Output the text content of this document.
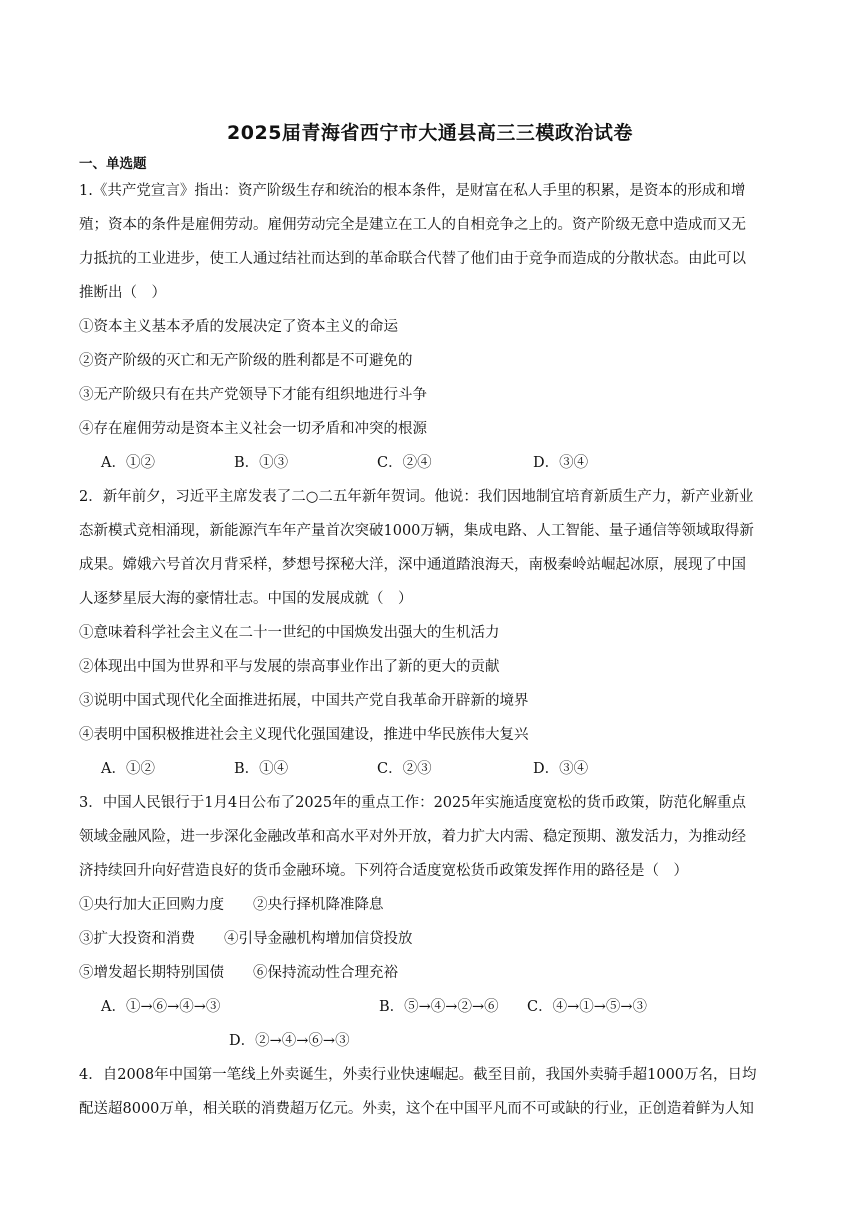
2025届青海省西宁市大通县高三三模政治试卷
一、单选题
1.《共产党宣言》指出：资产阶级生存和统治的根本条件，是财富在私人手里的积累，是资本的形成和增
殖；资本的条件是雇佣劳动。雇佣劳动完全是建立在工人的自相竞争之上的。资产阶级无意中造成而又无
力抵抗的工业进步，使工人通过结社而达到的革命联合代替了他们由于竞争而造成的分散状态。由此可以
推断出（　）
①资本主义基本矛盾的发展决定了资本主义的命运
②资产阶级的灭亡和无产阶级的胜利都是不可避免的
③无产阶级只有在共产党领导下才能有组织地进行斗争
④存在雇佣劳动是资本主义社会一切矛盾和冲突的根源
A．①②	B．①③	C．②④	D．③④
2．新年前夕，习近平主席发表了二○二五年新年贺词。他说：我们因地制宜培育新质生产力，新产业新业
态新模式竞相涌现，新能源汽车年产量首次突破1000万辆，集成电路、人工智能、量子通信等领域取得新
成果。嫦娥六号首次月背采样，梦想号探秘大洋，深中通道踏浪海天，南极秦岭站崛起冰原，展现了中国
人逐梦星辰大海的豪情壮志。中国的发展成就（　）
①意味着科学社会主义在二十一世纪的中国焕发出强大的生机活力
②体现出中国为世界和平与发展的崇高事业作出了新的更大的贡献
③说明中国式现代化全面推进拓展，中国共产党自我革命开辟新的境界
④表明中国积极推进社会主义现代化强国建设，推进中华民族伟大复兴
A．①②	B．①④	C．②③	D．③④
3．中国人民银行于1月4日公布了2025年的重点工作：2025年实施适度宽松的货币政策，防范化解重点
领域金融风险，进一步深化金融改革和高水平对外开放，着力扩大内需、稳定预期、激发活力，为推动经
济持续回升向好营造良好的货币金融环境。下列符合适度宽松货币政策发挥作用的路径是（　）
①央行加大正回购力度　　②央行择机降准降息
③扩大投资和消费　　④引导金融机构增加信贷投放
⑤增发超长期特别国债　　⑥保持流动性合理充裕
A．①→⑥→④→③	B．⑤→④→②→⑥ C．④→①→⑤→③
D．②→④→⑥→③
4．自2008年中国第一笔线上外卖诞生，外卖行业快速崛起。截至目前，我国外卖骑手超1000万名，日均
配送超8000万单，相关联的消费超万亿元。外卖，这个在中国平凡而不可或缺的行业，正创造着鲜为人知
